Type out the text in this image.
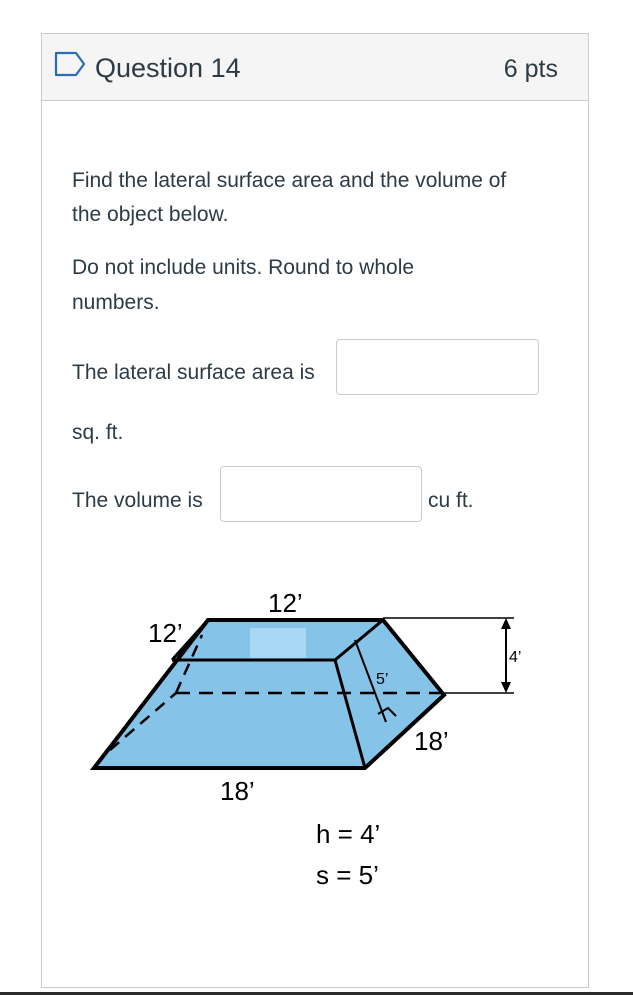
Question 14	6 pts
Find the lateral surface area and the volume of
the object below.
Do not include units. Round to whole
numbers.
The lateral surface area is
sq. ft.
The volume is	cu ft.
12’
12’
5’
4’
18’
18’
h = 4’
s = 5’
